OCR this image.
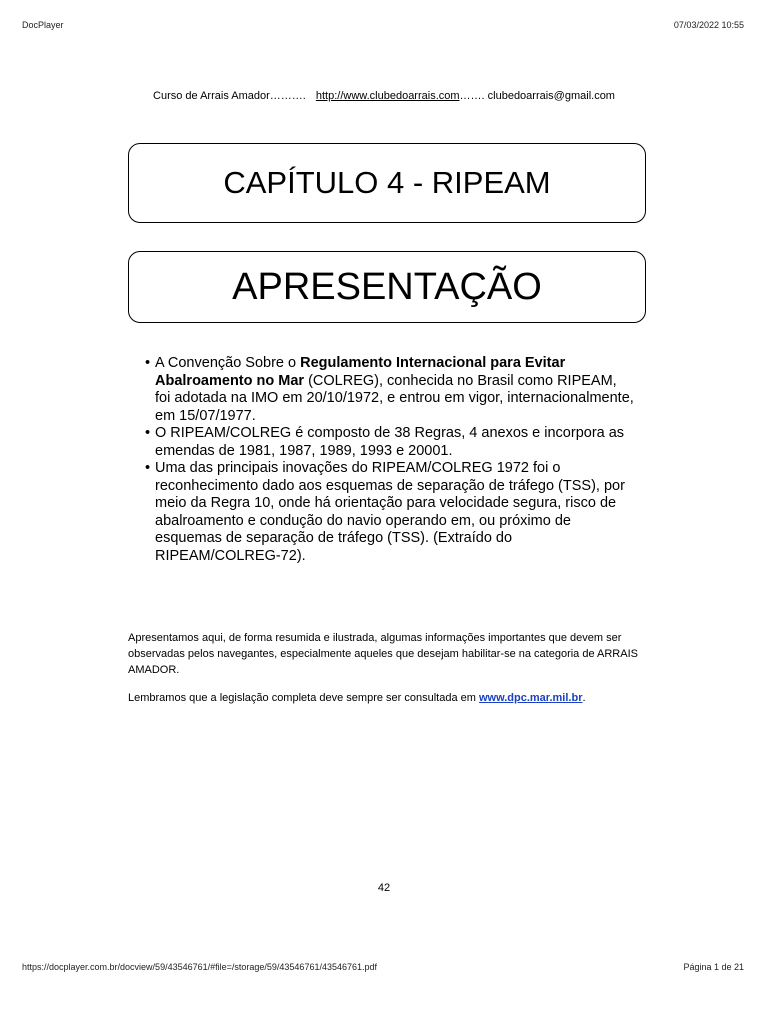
DocPlayer	07/03/2022 10:55
Curso de Arrais Amador………. http://www.clubedoarrais.com……. clubedoarrais@gmail.com
CAPÍTULO 4 - RIPEAM
APRESENTAÇÃO
• A Convenção Sobre o Regulamento Internacional para Evitar Abalroamento no Mar (COLREG), conhecida no Brasil como RIPEAM, foi adotada na IMO em 20/10/1972, e entrou em vigor, internacionalmente, em 15/07/1977.
• O RIPEAM/COLREG é composto de 38 Regras, 4 anexos e incorpora as emendas de 1981, 1987, 1989, 1993 e 20001.
• Uma das principais inovações do RIPEAM/COLREG 1972 foi o reconhecimento dado aos esquemas de separação de tráfego (TSS), por meio da Regra 10, onde há orientação para velocidade segura, risco de abalroamento e condução do navio operando em, ou próximo de esquemas de separação de tráfego (TSS). (Extraído do RIPEAM/COLREG-72).

Apresentamos aqui, de forma resumida e ilustrada, algumas informações importantes que devem ser observadas pelos navegantes, especialmente aqueles que desejam habilitar-se na categoria de ARRAIS AMADOR.

Lembramos que a legislação completa deve sempre ser consultada em www.dpc.mar.mil.br.

42
https://docplayer.com.br/docview/59/43546761/#file=/storage/59/43546761/43546761.pdf	Página 1 de 21
